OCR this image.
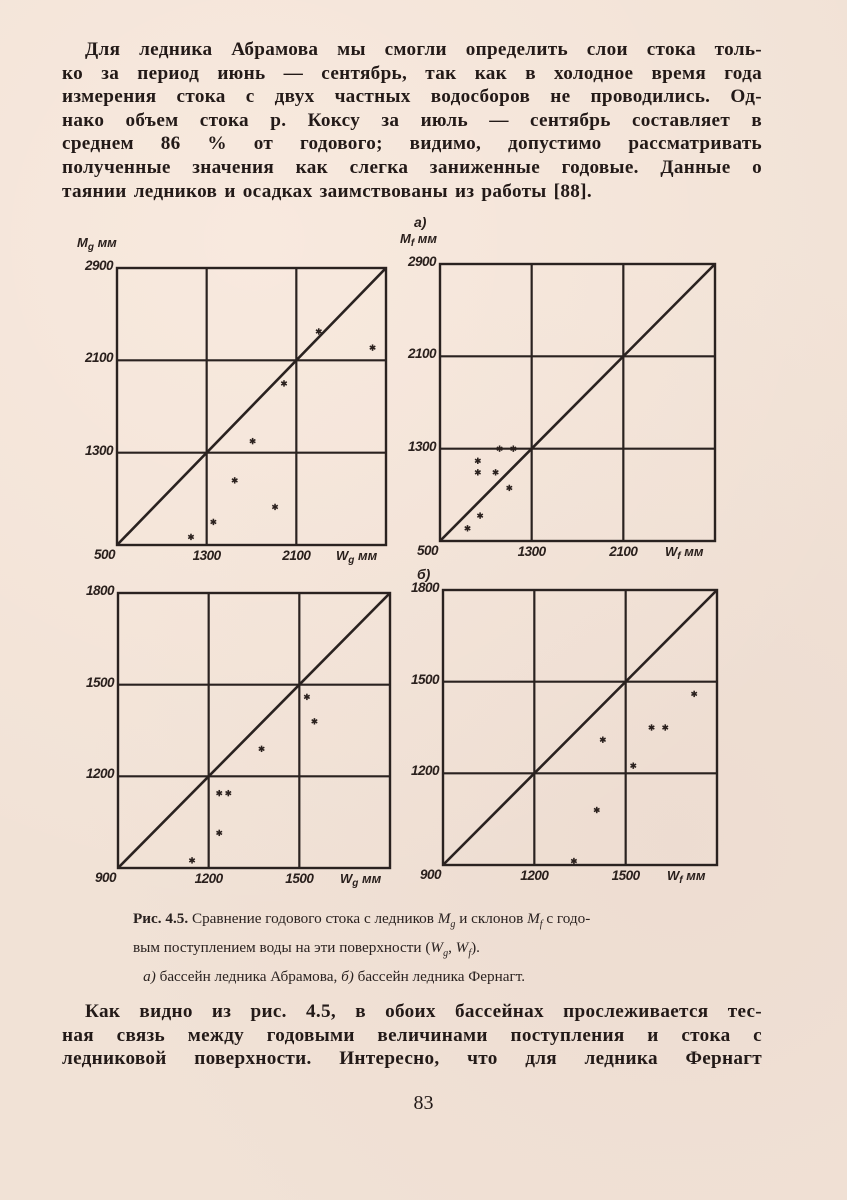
Для ледника Абрамова мы смогли определить слои стока толь-
ко за период июнь — сентябрь, так как в холодное время года
измерения стока с двух частных водосборов не проводились. Од-
нако объем стока р. Коксу за июль — сентябрь составляет в
среднем 86 % от годового; видимо, допустимо рассматривать
полученные значения как слегка заниженные годовые. Данные о
таянии ледников и осадках заимствованы из работы [88].
1300
2100
2900
500	1300	2100 $W_g$ мм
$M_g$ мм
1300
2100
2900
500	1300	2100 $W_f$ мм
$M_f$ мм
а)
1200
1500
1800
900	1200	1500 $W_g$ мм
1200
1500
1800
900	1200	1500 $W_f$ мм
б)
Рис. 4.5. Сравнение годового стока с ледников $M_g$ и склонов $M_f$ с годо-
вым поступлением воды на эти поверхности ($W_g$, $W_f$).
  а) бассейн ледника Абрамова, б) бассейн ледника Фернагт.
Как видно из рис. 4.5, в обоих бассейнах прослеживается тес-
ная связь между годовыми величинами поступления и стока с
ледниковой поверхности. Интересно, что для ледника Фернагт
83
